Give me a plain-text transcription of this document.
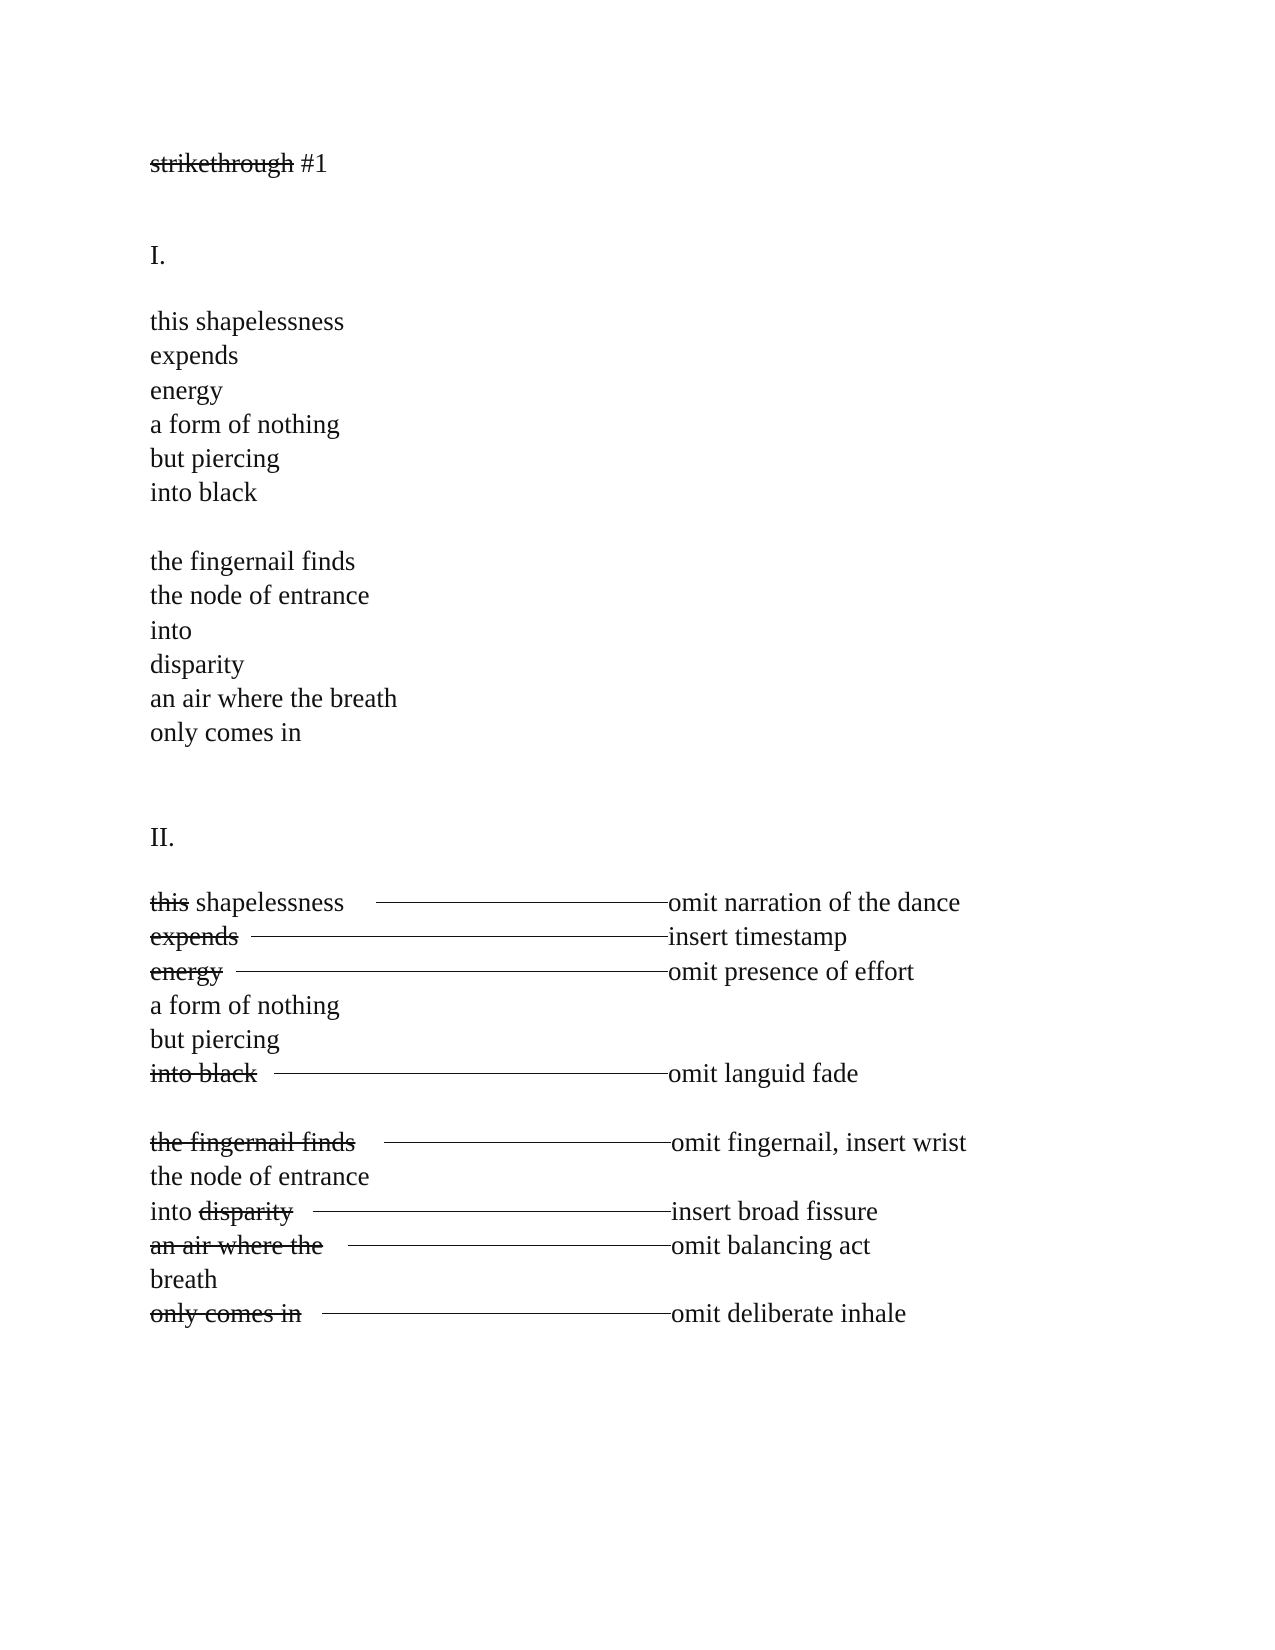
strikethrough #1
I.
this shapelessness
expends
energy
a form of nothing
but piercing
into black
the fingernail finds
the node of entrance
into
disparity
an air where the breath
only comes in
II.
this shapelessness	omit narration of the dance
expends	insert timestamp
energy	omit presence of effort
a form of nothing
but piercing
into black	omit languid fade
the fingernail finds	omit fingernail, insert wrist
the node of entrance
into disparity	insert broad fissure
an air where the	omit balancing act
breath
only comes in	omit deliberate inhale
